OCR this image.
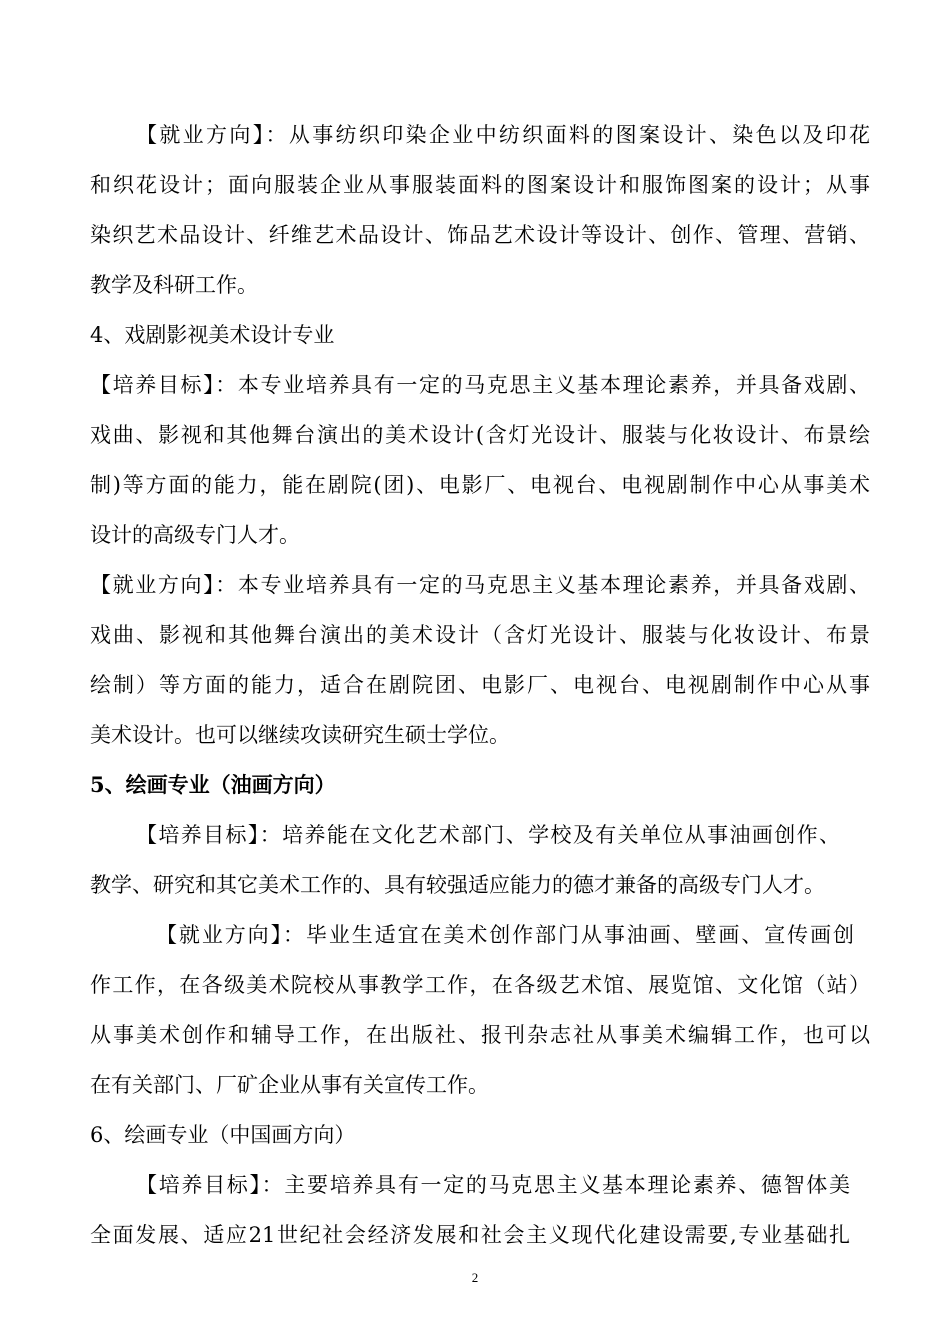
【就业方向】：从事纺织印染企业中纺织面料的图案设计、染色以及印花
和织花设计；面向服装企业从事服装面料的图案设计和服饰图案的设计；从事
染织艺术品设计、纤维艺术品设计、饰品艺术设计等设计、创作、管理、营销、
教学及科研工作。
4、戏剧影视美术设计专业
【培养目标】：本专业培养具有一定的马克思主义基本理论素养，并具备戏剧、
戏曲、影视和其他舞台演出的美术设计(含灯光设计、服装与化妆设计、布景绘
制)等方面的能力，能在剧院(团)、电影厂、电视台、电视剧制作中心从事美术
设计的高级专门人才。
【就业方向】：本专业培养具有一定的马克思主义基本理论素养，并具备戏剧、
戏曲、影视和其他舞台演出的美术设计（含灯光设计、服装与化妆设计、布景
绘制）等方面的能力，适合在剧院团、电影厂、电视台、电视剧制作中心从事
美术设计。也可以继续攻读研究生硕士学位。
5、绘画专业（油画方向）
【培养目标】：培养能在文化艺术部门、学校及有关单位从事油画创作、
教学、研究和其它美术工作的、具有较强适应能力的德才兼备的高级专门人才。
【就业方向】：毕业生适宜在美术创作部门从事油画、壁画、宣传画创
作工作，在各级美术院校从事教学工作，在各级艺术馆、展览馆、文化馆（站）
从事美术创作和辅导工作，在出版社、报刊杂志社从事美术编辑工作，也可以
在有关部门、厂矿企业从事有关宣传工作。
6、绘画专业（中国画方向）
【培养目标】：主要培养具有一定的马克思主义基本理论素养、德智体美
全面发展、适应21世纪社会经济发展和社会主义现代化建设需要,专业基础扎
2
